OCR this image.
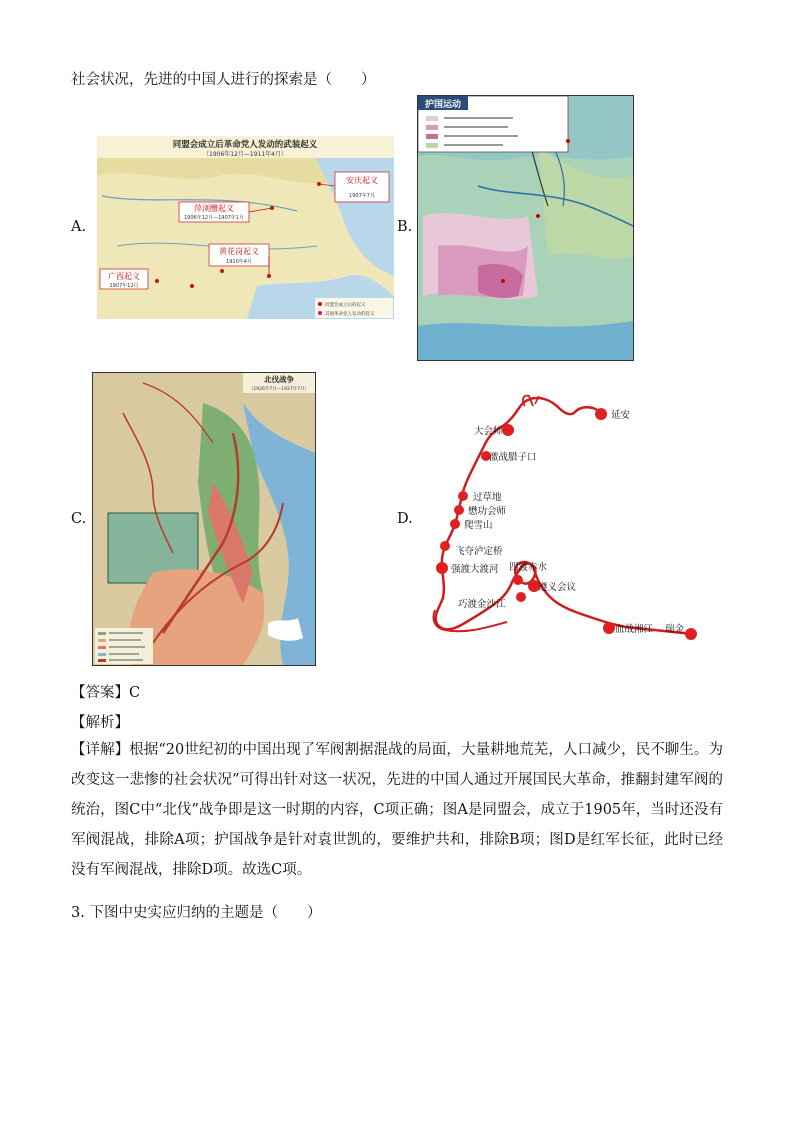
社会状况，先进的中国人进行的探索是（　　）
A.
同盟会成立后革命党人发动的武装起义
（1906年12月—1911年4月）
萍浏醴起义
1906年12月—1907年1月
安庆起义
1907年7月
黄花岗起义
1910年4月
广西起义
1907年12月
同盟会成立后的起义
其他革命党人发动的起义
B.
护国运动
C.
北伐战争
（1926年7月—1927年7月）
D.
延安
大会师
激战腊子口
过草地
懋功会师
爬雪山
飞夺泸定桥
强渡大渡河 四渡赤水
遵义会议
巧渡金沙江
血战湘江 瑞金
【答案】C
【解析】
【详解】根据“20世纪初的中国出现了军阀割据混战的局面，大量耕地荒芜，人口减少，民不聊生。为改变这一悲惨的社会状况”可得出针对这一状况，先进的中国人通过开展国民大革命，推翻封建军阀的统治，图C中“北伐”战争即是这一时期的内容，C项正确；图A是同盟会，成立于1905年，当时还没有军阀混战，排除A项；护国战争是针对袁世凯的，要维护共和，排除B项；图D是红军长征，此时已经没有军阀混战，排除D项。故选C项。
3. 下图中史实应归纳的主题是（　　）
